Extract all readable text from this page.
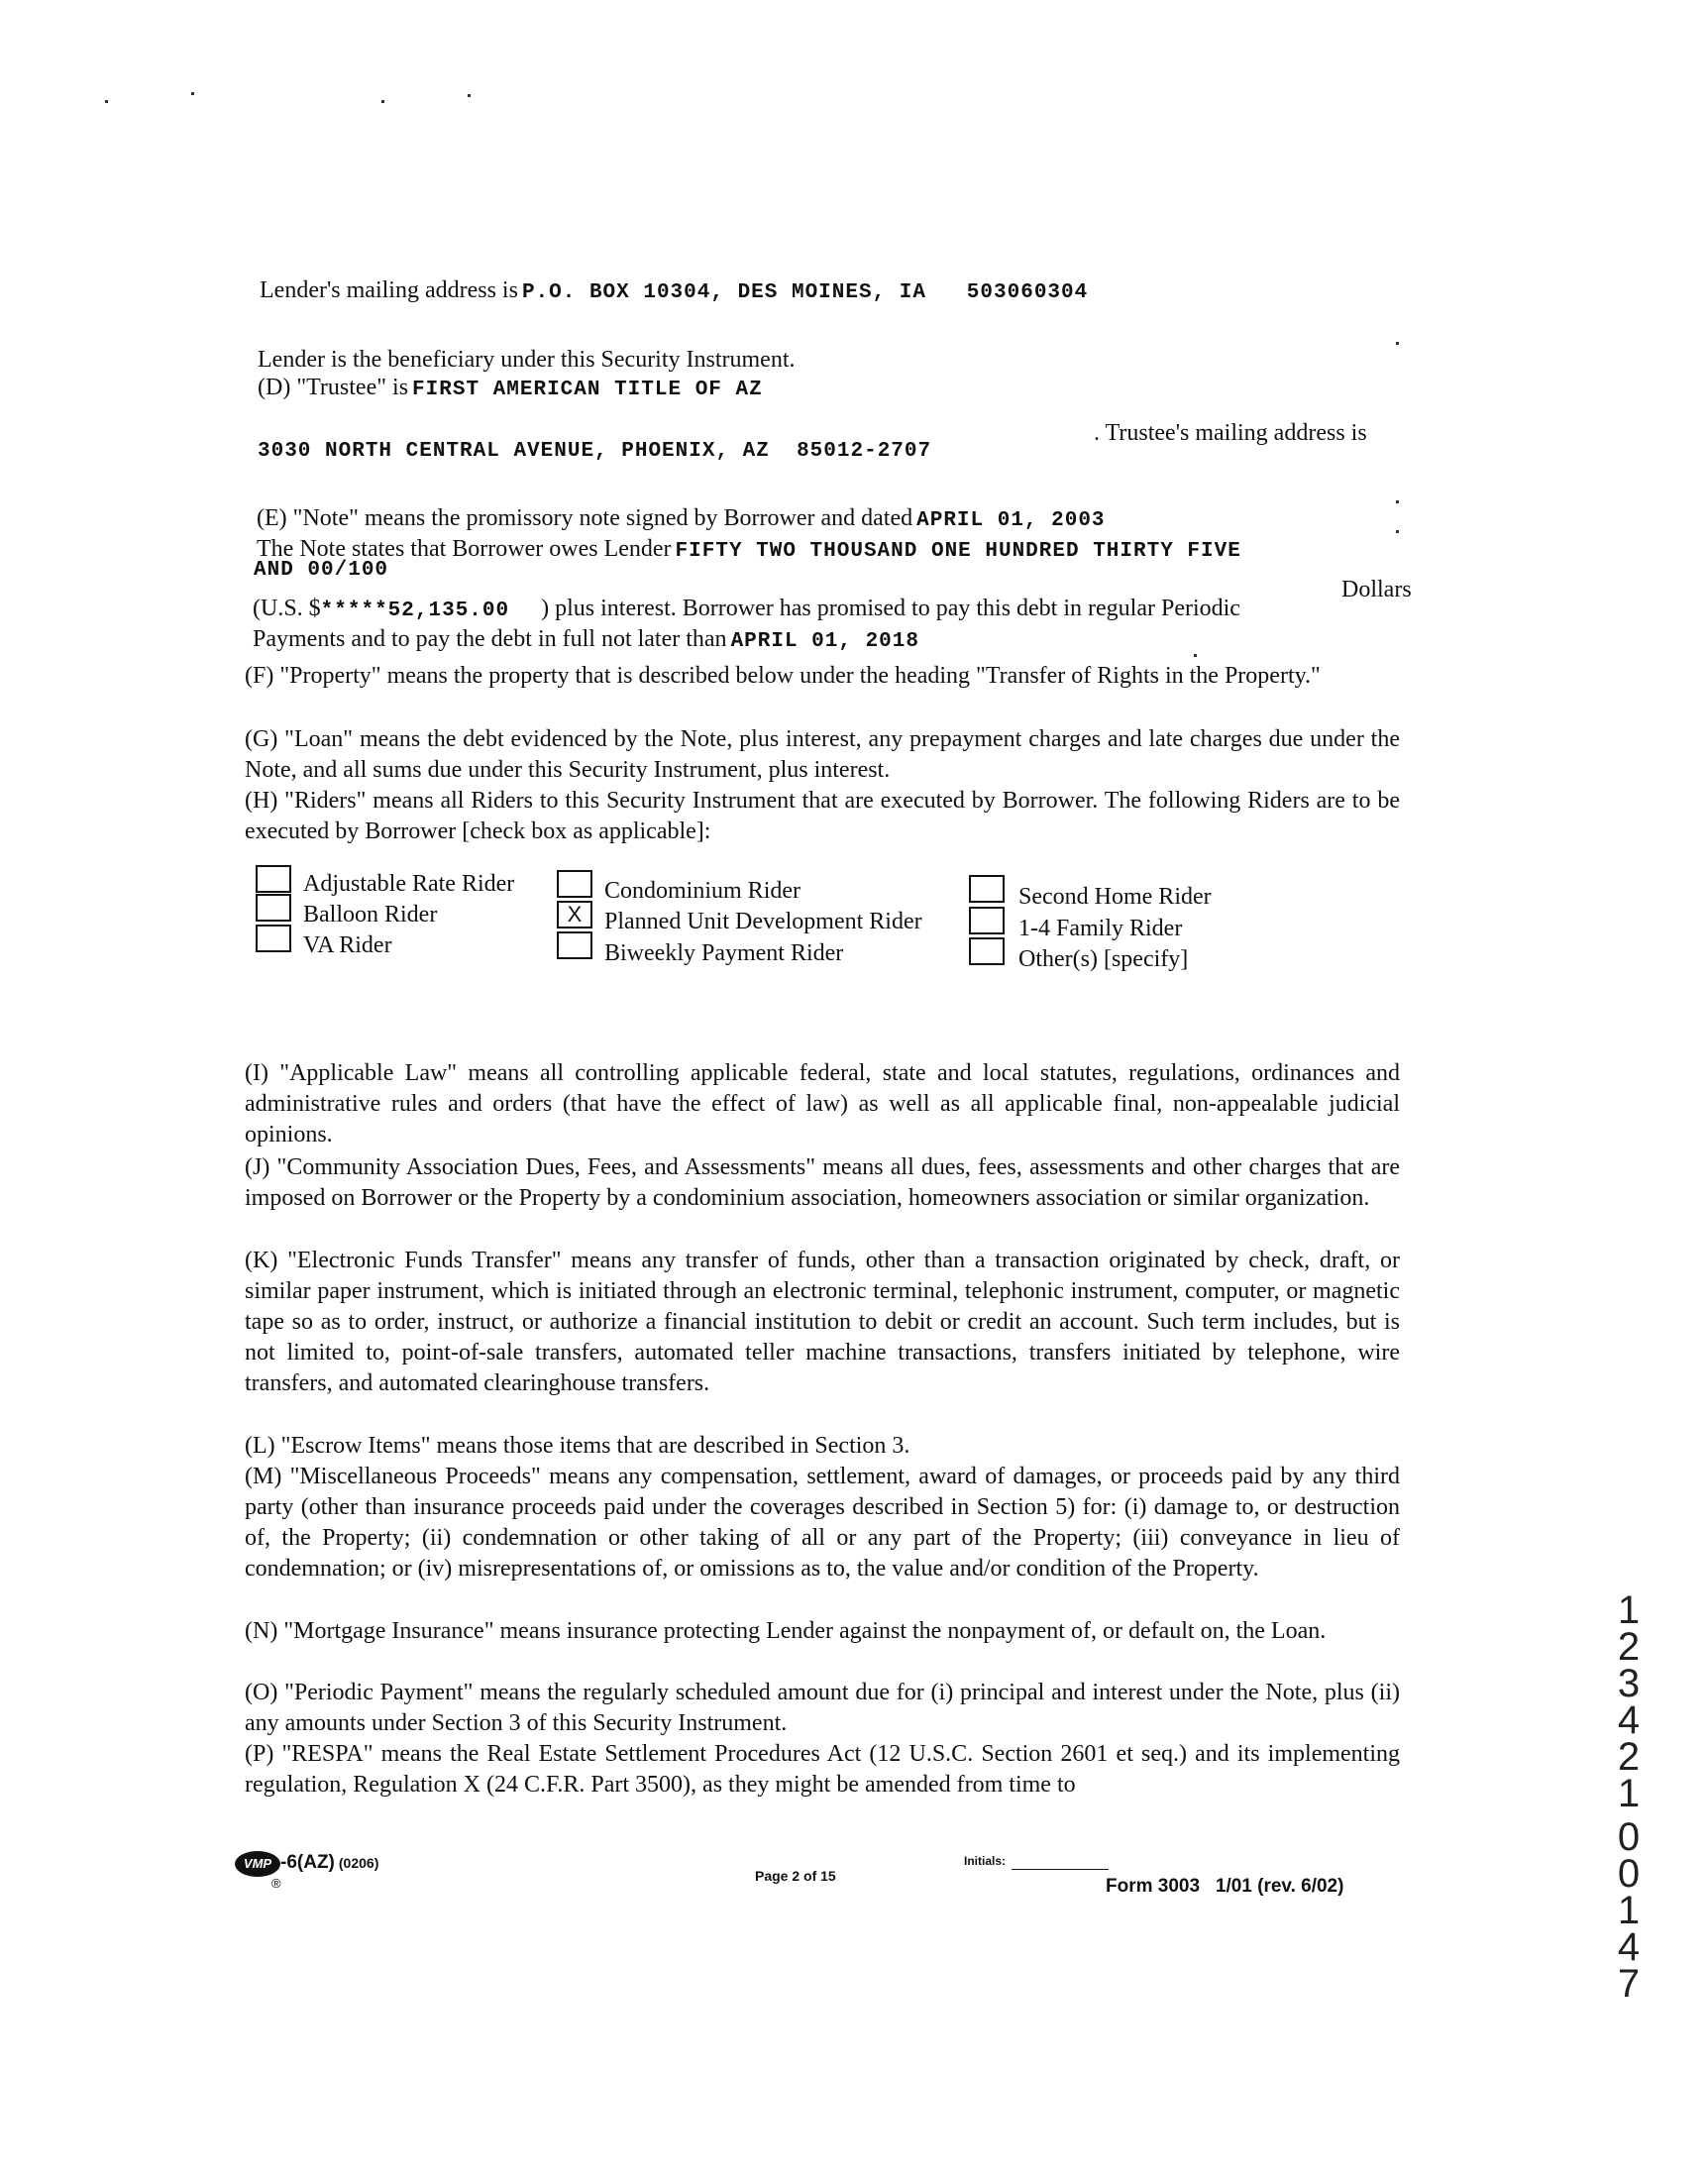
Lender's mailing address is P.O. BOX 10304, DES MOINES, IA   503060304
Lender is the beneficiary under this Security Instrument.
(D) "Trustee" is FIRST AMERICAN TITLE OF AZ
. Trustee's mailing address is
3030 NORTH CENTRAL AVENUE, PHOENIX, AZ  85012-2707
(E) "Note" means the promissory note signed by Borrower and dated APRIL 01, 2003
The Note states that Borrower owes Lender FIFTY TWO THOUSAND ONE HUNDRED THIRTY FIVE
AND 00/100
Dollars
(U.S. $*****52,135.00 ) plus interest. Borrower has promised to pay this debt in regular Periodic
Payments and to pay the debt in full not later than APRIL 01, 2018
(F) "Property" means the property that is described below under the heading "Transfer of Rights in the Property."
(G) "Loan" means the debt evidenced by the Note, plus interest, any prepayment charges and late charges due under the Note, and all sums due under this Security Instrument, plus interest.
(H) "Riders" means all Riders to this Security Instrument that are executed by Borrower. The following Riders are to be executed by Borrower [check box as applicable]:
Adjustable Rate Rider
Balloon Rider
VA Rider
Condominium Rider
X Planned Unit Development Rider
Biweekly Payment Rider
Second Home Rider
1-4 Family Rider
Other(s) [specify]
(I) "Applicable Law" means all controlling applicable federal, state and local statutes, regulations, ordinances and administrative rules and orders (that have the effect of law) as well as all applicable final, non-appealable judicial opinions.
(J) "Community Association Dues, Fees, and Assessments" means all dues, fees, assessments and other charges that are imposed on Borrower or the Property by a condominium association, homeowners association or similar organization.
(K) "Electronic Funds Transfer" means any transfer of funds, other than a transaction originated by check, draft, or similar paper instrument, which is initiated through an electronic terminal, telephonic instrument, computer, or magnetic tape so as to order, instruct, or authorize a financial institution to debit or credit an account. Such term includes, but is not limited to, point-of-sale transfers, automated teller machine transactions, transfers initiated by telephone, wire transfers, and automated clearinghouse transfers.
(L) "Escrow Items" means those items that are described in Section 3.
(M) "Miscellaneous Proceeds" means any compensation, settlement, award of damages, or proceeds paid by any third party (other than insurance proceeds paid under the coverages described in Section 5) for: (i) damage to, or destruction of, the Property; (ii) condemnation or other taking of all or any part of the Property; (iii) conveyance in lieu of condemnation; or (iv) misrepresentations of, or omissions as to, the value and/or condition of the Property.
(N) "Mortgage Insurance" means insurance protecting Lender against the nonpayment of, or default on, the Loan.
(O) "Periodic Payment" means the regularly scheduled amount due for (i) principal and interest under the Note, plus (ii) any amounts under Section 3 of this Security Instrument.
(P) "RESPA" means the Real Estate Settlement Procedures Act (12 U.S.C. Section 2601 et seq.) and its implementing regulation, Regulation X (24 C.F.R. Part 3500), as they might be amended from time to
VMP
®
-6(AZ) (0206)
Page 2 of 15
Initials:
Form 3003   1/01 (rev. 6/02)
123421
00147
